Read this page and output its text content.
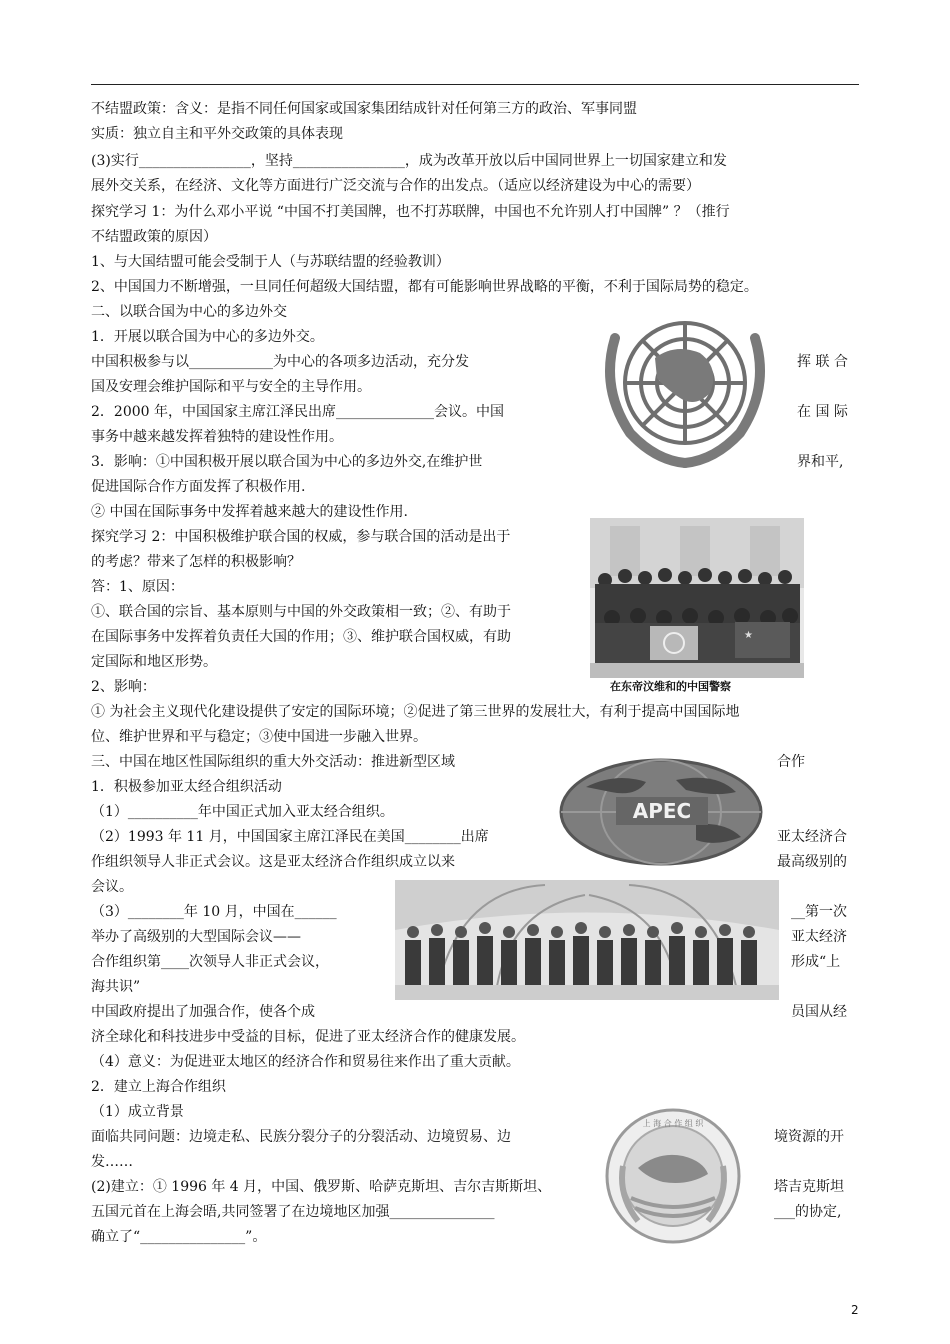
不结盟政策：含义：是指不同任何国家或国家集团结成针对任何第三方的政治、军事同盟
实质：独立自主和平外交政策的具体表现
(3)实行________________，坚持________________，成为改革开放以后中国同世界上一切国家建立和发
展外交关系，在经济、文化等方面进行广泛交流与合作的出发点。（适应以经济建设为中心的需要）
探究学习 1：为什么邓小平说 “中国不打美国牌，也不打苏联牌，中国也不允许别人打中国牌” ？（推行
不结盟政策的原因）
1、与大国结盟可能会受制于人（与苏联结盟的经验教训）
2、中国国力不断增强，一旦同任何超级大国结盟，都有可能影响世界战略的平衡，不利于国际局势的稳定。
二、以联合国为中心的多边外交
1．开展以联合国为中心的多边外交。
中国积极参与以____________为中心的各项多边活动，充分发	挥 联 合
国及安理会维护国际和平与安全的主导作用。
2．2000 年，中国国家主席江泽民出席______________会议。中国	在 国 际
事务中越来越发挥着独特的建设性作用。
3．影响：①中国积极开展以联合国为中心的多边外交,在维护世	界和平,
促进国际合作方面发挥了积极作用.
② 中国在国际事务中发挥着越来越大的建设性作用.
探究学习 2：中国积极维护联合国的权威，参与联合国的活动是出于
的考虑？带来了怎样的积极影响？
答：1、原因：
①、联合国的宗旨、基本原则与中国的外交政策相一致；②、有助于
在国际事务中发挥着负责任大国的作用；③、维护联合国权威，有助
定国际和地区形势。
2、影响：
① 为社会主义现代化建设提供了安定的国际环境；②促进了第三世界的发展壮大，有利于提高中国国际地
位、维护世界和平与稳定；③使中国进一步融入世界。
三、中国在地区性国际组织的重大外交活动：推进新型区域	合作
1．积极参加亚太经合组织活动
（1）__________年中国正式加入亚太经合组织。
（2）1993 年 11 月，中国国家主席江泽民在美国________出席	亚太经济合
作组织领导人非正式会议。这是亚太经济合作组织成立以来	最高级别的
会议。
（3）________年 10 月，中国在______	__第一次
举办了高级别的大型国际会议——	亚太经济
合作组织第____次领导人非正式会议，	形成“上
海共识”
中国政府提出了加强合作，使各个成	员国从经
济全球化和科技进步中受益的目标，促进了亚太经济合作的健康发展。
（4）意义：为促进亚太地区的经济合作和贸易往来作出了重大贡献。
2．建立上海合作组织
（1）成立背景
面临共同问题：边境走私、民族分裂分子的分裂活动、边境贸易、边	境资源的开
发……
(2)建立：① 1996 年 4 月，中国、俄罗斯、哈萨克斯坦、吉尔吉斯斯坦、	塔吉克斯坦
五国元首在上海会晤,共同签署了在边境地区加强_______________	___的协定,
确立了“_______________”。
★
在东帝汶维和的中国警察
APEC
上 海 合 作 组 织
2
